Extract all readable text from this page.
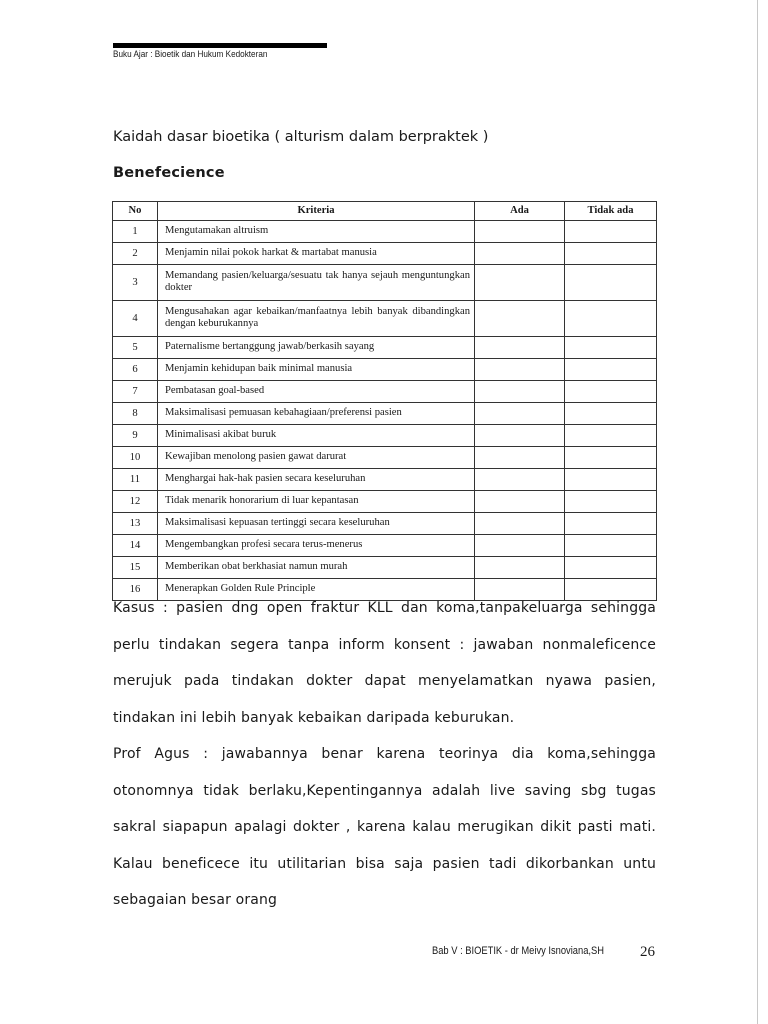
Buku Ajar : Bioetik dan Hukum Kedokteran
Kaidah dasar bioetika ( alturism dalam berpraktek )
Benefecience
No	Kriteria	Ada	Tidak ada
1	Mengutamakan altruism		
2	Menjamin nilai pokok harkat & martabat manusia		
3	Memandang pasien/keluarga/sesuatu tak hanya sejauh menguntungkan dokter		
4	Mengusahakan agar kebaikan/manfaatnya lebih banyak dibandingkan dengan keburukannya		
5	Paternalisme bertanggung jawab/berkasih sayang		
6	Menjamin kehidupan baik minimal manusia		
7	Pembatasan goal-based		
8	Maksimalisasi pemuasan kebahagiaan/preferensi pasien		
9	Minimalisasi akibat buruk		
10	Kewajiban menolong pasien gawat darurat		
11	Menghargai hak-hak pasien secara keseluruhan		
12	Tidak menarik honorarium di luar kepantasan		
13	Maksimalisasi kepuasan tertinggi secara keseluruhan		
14	Mengembangkan profesi secara terus-menerus		
15	Memberikan obat berkhasiat namun murah		
16	Menerapkan Golden Rule Principle		

Kasus : pasien dng open fraktur KLL dan koma,tanpakeluarga sehingga perlu tindakan segera tanpa inform konsent : jawaban nonmaleficence merujuk pada tindakan dokter dapat menyelamatkan nyawa pasien, tindakan ini lebih banyak kebaikan daripada keburukan.

Prof Agus : jawabannya benar karena teorinya dia koma,sehingga otonomnya tidak berlaku,Kepentingannya adalah live saving sbg tugas sakral siapapun apalagi dokter , karena kalau merugikan dikit pasti mati. Kalau beneficece itu utilitarian bisa saja pasien tadi dikorbankan untu sebagaian besar orang

Bab V : BIOETIK - dr Meivy Isnoviana,SH 26
